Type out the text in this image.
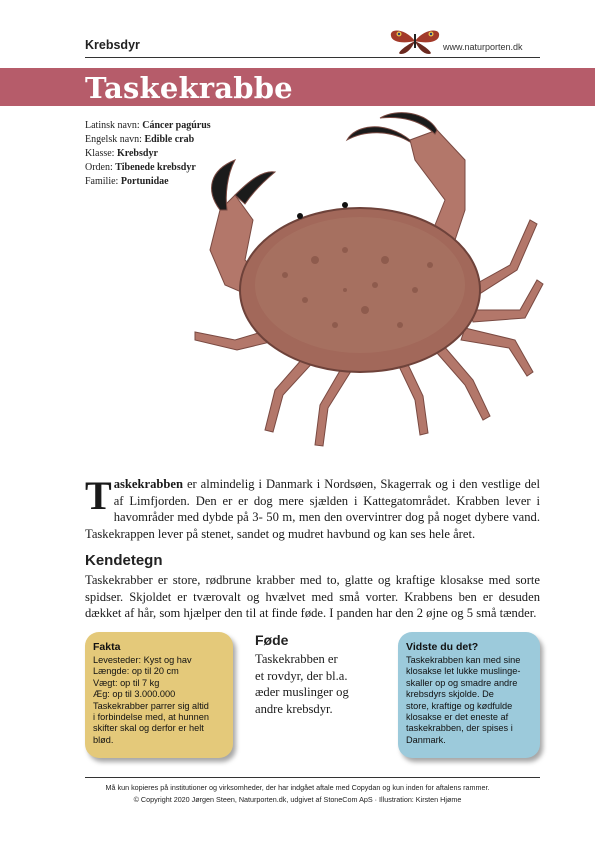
Krebsdyr	www.naturporten.dk
Taskekrabbe
Latinsk navn: Cáncer pagúrus
Engelsk navn: Edible crab
Klasse: Krebsdyr
Orden: Tibenede krebsdyr
Familie: Portunidae
Taskekrabben er almindelig i Danmark i Nordsøen, Skagerrak og i den vestlige del af Limfjorden. Den er er dog mere sjælden i Kattegatområdet. Krabben lever i havområder med dybde på 3- 50 m, men den overvintrer dog på noget dybere vand. Taskekrappen lever på stenet, sandet og mudret havbund og kan ses hele året.
Kendetegn
Taskekrabber er store, rødbrune krabber med to, glatte og kraftige klosakse med sorte spidser. Skjoldet er tværovalt og hvælvet med små vorter. Krabbens ben er desuden dækket af hår, som hjælper den til at finde føde. I panden har den 2 øjne og 5 små tænder.
Fakta
Levesteder: Kyst og hav
Længde: op til 20 cm
Vægt: op til 7 kg
Æg: op til 3.000.000
Taskekrabber parrer sig altid
i forbindelse med, at hunnen
skifter skal og derfor er helt
blød.
Føde
Taskekrabben er
et rovdyr, der bl.a.
æder muslinger og
andre krebsdyr.
Vidste du det?
Taskekrabben kan med sine
klosakse let lukke muslinge-
skaller op og smadre andre
krebsdyrs skjolde. De
store, kraftige og kødfulde
klosakse er det eneste af
taskekrabben, der spises i
Danmark.
Må kun kopieres på institutioner og virksomheder, der har indgået aftale med Copydan og kun inden for aftalens rammer.
© Copyright 2020 Jørgen Steen, Naturporten.dk, udgivet af StoneCom ApS · Illustration: Kirsten Hjøme
